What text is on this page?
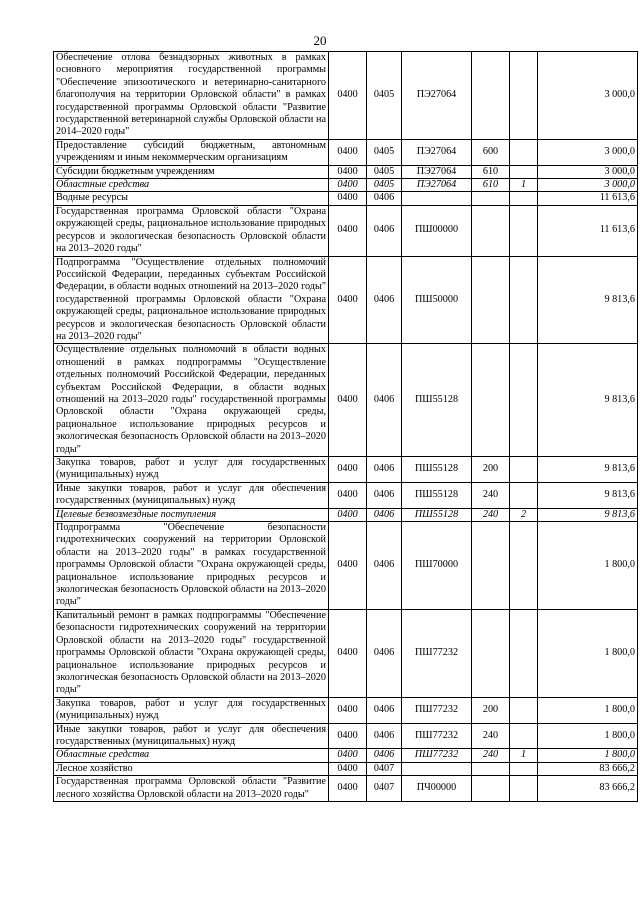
20
Обеспечение отлова безнадзорных животных в рамках основного мероприятия государственной программы "Обеспечение эпизоотического и ветеринарно-санитарного благополучия на территории Орловской области" в рамках государственной программы Орловской области "Развитие государственной ветеринарной службы Орловской области на 2014–2020 годы"	0400	0405	ПЭ27064			3 000,0
Предоставление субсидий бюджетным, автономным учреждениям и иным некоммерческим организациям	0400	0405	ПЭ27064	600		3 000,0
Субсидии бюджетным учреждениям	0400	0405	ПЭ27064	610		3 000,0
Областные средства	0400	0405	ПЭ27064	610	1	3 000,0
Водные ресурсы	0400	0406				11 613,6
Государственная программа Орловской области "Охрана окружающей среды, рациональное использование природных ресурсов и экологическая безопасность Орловской области на 2013–2020 годы"	0400	0406	ПШ00000			11 613,6
Подпрограмма "Осуществление отдельных полномочий Российской Федерации, переданных субъектам Российской Федерации, в области водных отношений на 2013–2020 годы" государственной программы Орловской области "Охрана окружающей среды, рациональное использование природных ресурсов и экологическая безопасность Орловской области на 2013–2020 годы"	0400	0406	ПШ50000			9 813,6
Осуществление отдельных полномочий в области водных отношений в рамках подпрограммы "Осуществление отдельных полномочий Российской Федерации, переданных субъектам Российской Федерации, в области водных отношений на 2013–2020 годы" государственной программы Орловской области "Охрана окружающей среды, рациональное использование природных ресурсов и экологическая безопасность Орловской области на 2013–2020 годы"	0400	0406	ПШ55128			9 813,6
Закупка товаров, работ и услуг для государственных (муниципальных) нужд	0400	0406	ПШ55128	200		9 813,6
Иные закупки товаров, работ и услуг для обеспечения государственных (муниципальных) нужд	0400	0406	ПШ55128	240		9 813,6
Целевые безвозмездные поступления	0400	0406	ПШ55128	240	2	9 813,6
Подпрограмма "Обеспечение безопасности гидротехнических сооружений на территории Орловской области на 2013–2020 годы" в рамках государственной программы Орловской области "Охрана окружающей среды, рациональное использование природных ресурсов и экологическая безопасность Орловской области на 2013–2020 годы"	0400	0406	ПШ70000			1 800,0
Капитальный ремонт в рамках подпрограммы "Обеспечение безопасности гидротехнических сооружений на территории Орловской области на 2013–2020 годы" государственной программы Орловской области "Охрана окружающей среды, рациональное использование природных ресурсов и экологическая безопасность Орловской области на 2013–2020 годы"	0400	0406	ПШ77232			1 800,0
Закупка товаров, работ и услуг для государственных (муниципальных) нужд	0400	0406	ПШ77232	200		1 800,0
Иные закупки товаров, работ и услуг для обеспечения государственных (муниципальных) нужд	0400	0406	ПШ77232	240		1 800,0
Областные средства	0400	0406	ПШ77232	240	1	1 800,0
Лесное хозяйство	0400	0407				83 666,2
Государственная программа Орловской области "Развитие лесного хозяйства Орловской области на 2013–2020 годы"	0400	0407	ПЧ00000			83 666,2
